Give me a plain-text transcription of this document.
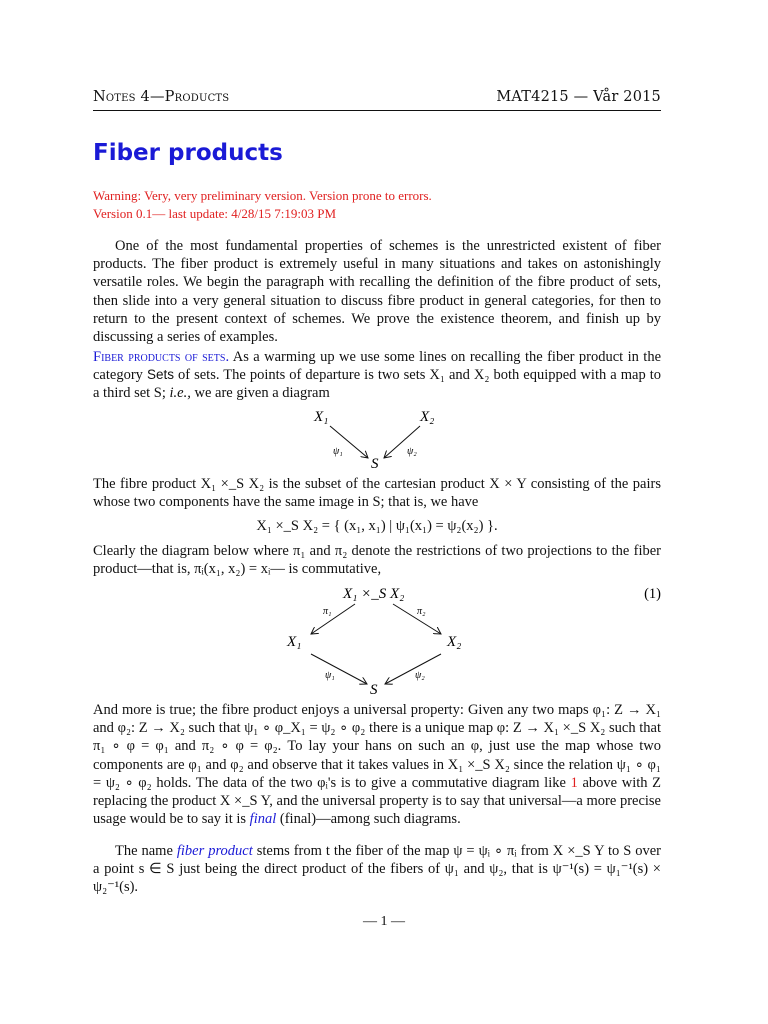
Notes 4—Products	MAT4215 — Vår 2015
Fiber products
Warning: Very, very preliminary version. Version prone to errors.
Version 0.1— last update: 4/28/15 7:19:03 PM
One of the most fundamental properties of schemes is the unrestricted existent of fiber products. The fiber product is extremely useful in many situations and takes on astonishingly versatile roles. We begin the paragraph with recalling the definition of the fibre product of sets, then slide into a very general situation to discuss fibre product in general categories, for then to return to the present context of schemes. We prove the existence theorem, and finish up by discussing a series of examples.
Fiber products of sets. As a warming up we use some lines on recalling the fiber product in the category Sets of sets. The points of departure is two sets X₁ and X₂ both equipped with a map to a third set S; i.e., we are given a diagram
X₁	X₂
ψ₁	ψ₂
S
The fibre product X₁ ×_S X₂ is the subset of the cartesian product X × Y consisting of the pairs whose two components have the same image in S; that is, we have
X₁ ×_S X₂ = { (x₁, x₁) | ψ₁(x₁) = ψ₂(x₂) }.
Clearly the diagram below where π₁ and π₂ denote the restrictions of two projections to the fiber product—that is, πᵢ(x₁, x₂) = xᵢ— is commutative,
X₁ ×_S X₂	(1)
π₁	π₂
X₁	X₂
ψ₁	ψ₂
S
And more is true; the fibre product enjoys a universal property: Given any two maps φ₁: Z → X₁ and φ₂: Z → X₂ such that ψ₁ ∘ φ_X₁ = ψ₂ ∘ φ₂ there is a unique map φ: Z → X₁ ×_S X₂ such that π₁ ∘ φ = φ₁ and π₂ ∘ φ = φ₂. To lay your hans on such an φ, just use the map whose two components are φ₁ and φ₂ and observe that it takes values in X₁ ×_S X₂ since the relation ψ₁ ∘ φ₁ = ψ₂ ∘ φ₂ holds. The data of the two φᵢ's is to give a commutative diagram like 1 above with Z replacing the product X ×_S Y, and the universal property is to say that universal—a more precise usage would be to say it is final (final)—among such diagrams.
The name fiber product stems from t the fiber of the map ψ = ψᵢ ∘ πᵢ from X ×_S Y to S over a point s ∈ S just being the direct product of the fibers of ψ₁ and ψ₂, that is ψ⁻¹(s) = ψ₁⁻¹(s) × ψ₂⁻¹(s).
— 1 —
